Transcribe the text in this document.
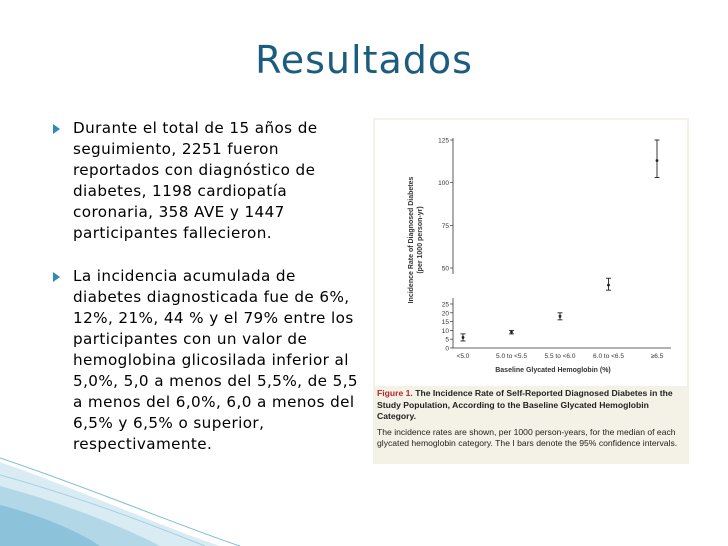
Resultados
Durante el total de 15 años de seguimiento, 2251 fueron reportados con diagnóstico de diabetes, 1198 cardiopatía coronaria, 358 AVE y 1447 participantes fallecieron.
La incidencia acumulada de diabetes diagnosticada fue de 6%, 12%, 21%, 44 % y el 79% entre los participantes con un valor de hemoglobina glicosilada inferior al 5,0%, 5,0 a menos del 5,5%, de 5,5 a menos del 6,0%, 6,0 a menos del 6,5% y 6,5% o superior, respectivamente.
0
5
10
15
20
25
50
75
100
125
Incidence Rate of Diagnosed Diabetes (per 1000 person-yr)
<5.0	5.0 to <5.5	5.5 to <6.0	6.0 to <6.5	≥6.5
Baseline Glycated Hemoglobin (%)

Figure 1. The Incidence Rate of Self-Reported Diagnosed Diabetes in the Study Population, According to the Baseline Glycated Hemoglobin Category.

The incidence rates are shown, per 1000 person-years, for the median of each glycated hemoglobin category. The I bars denote the 95% confidence intervals.
